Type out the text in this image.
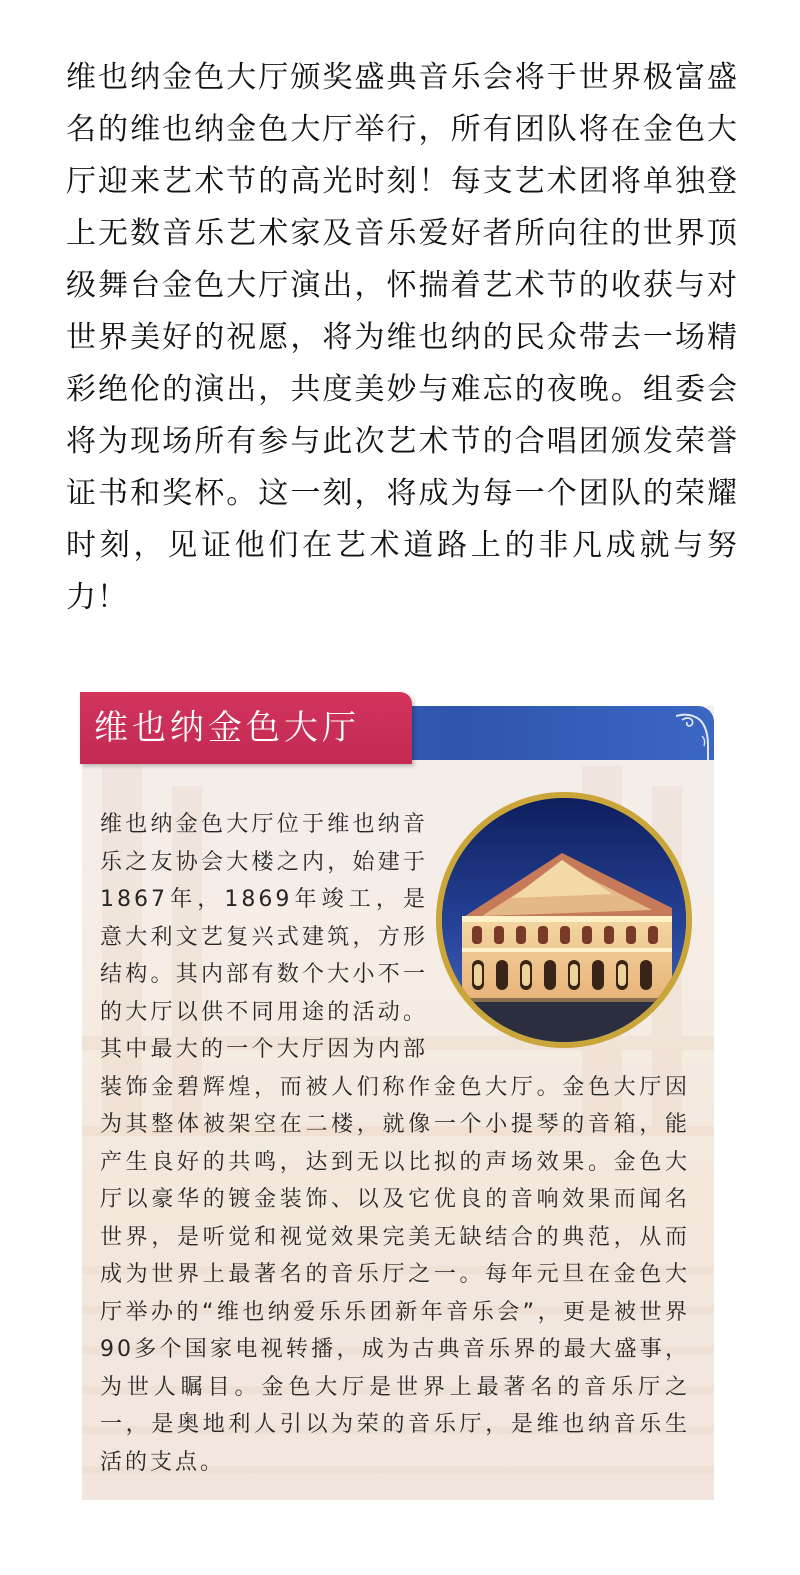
维也纳金色大厅颁奖盛典音乐会将于世界极富盛名的维也纳金色大厅举行，所有团队将在金色大厅迎来艺术节的高光时刻！每支艺术团将单独登上无数音乐艺术家及音乐爱好者所向往的世界顶级舞台金色大厅演出，怀揣着艺术节的收获与对世界美好的祝愿，将为维也纳的民众带去一场精彩绝伦的演出，共度美妙与难忘的夜晚。组委会将为现场所有参与此次艺术节的合唱团颁发荣誉证书和奖杯。这一刻，将成为每一个团队的荣耀时刻，见证他们在艺术道路上的非凡成就与努力！

维也纳金色大厅

维也纳金色大厅位于维也纳音乐之友协会大楼之内，始建于1867年，1869年竣工，是意大利文艺复兴式建筑，方形结构。其内部有数个大小不一的大厅以供不同用途的活动。其中最大的一个大厅因为内部装饰金碧辉煌，而被人们称作金色大厅。金色大厅因为其整体被架空在二楼，就像一个小提琴的音箱，能产生良好的共鸣，达到无以比拟的声场效果。金色大厅以豪华的镀金装饰、以及它优良的音响效果而闻名世界，是听觉和视觉效果完美无缺结合的典范，从而成为世界上最著名的音乐厅之一。每年元旦在金色大厅举办的“维也纳爱乐乐团新年音乐会”，更是被世界90多个国家电视转播，成为古典音乐界的最大盛事，为世人瞩目。金色大厅是世界上最著名的音乐厅之一，是奥地利人引以为荣的音乐厅，是维也纳音乐生活的支点。
